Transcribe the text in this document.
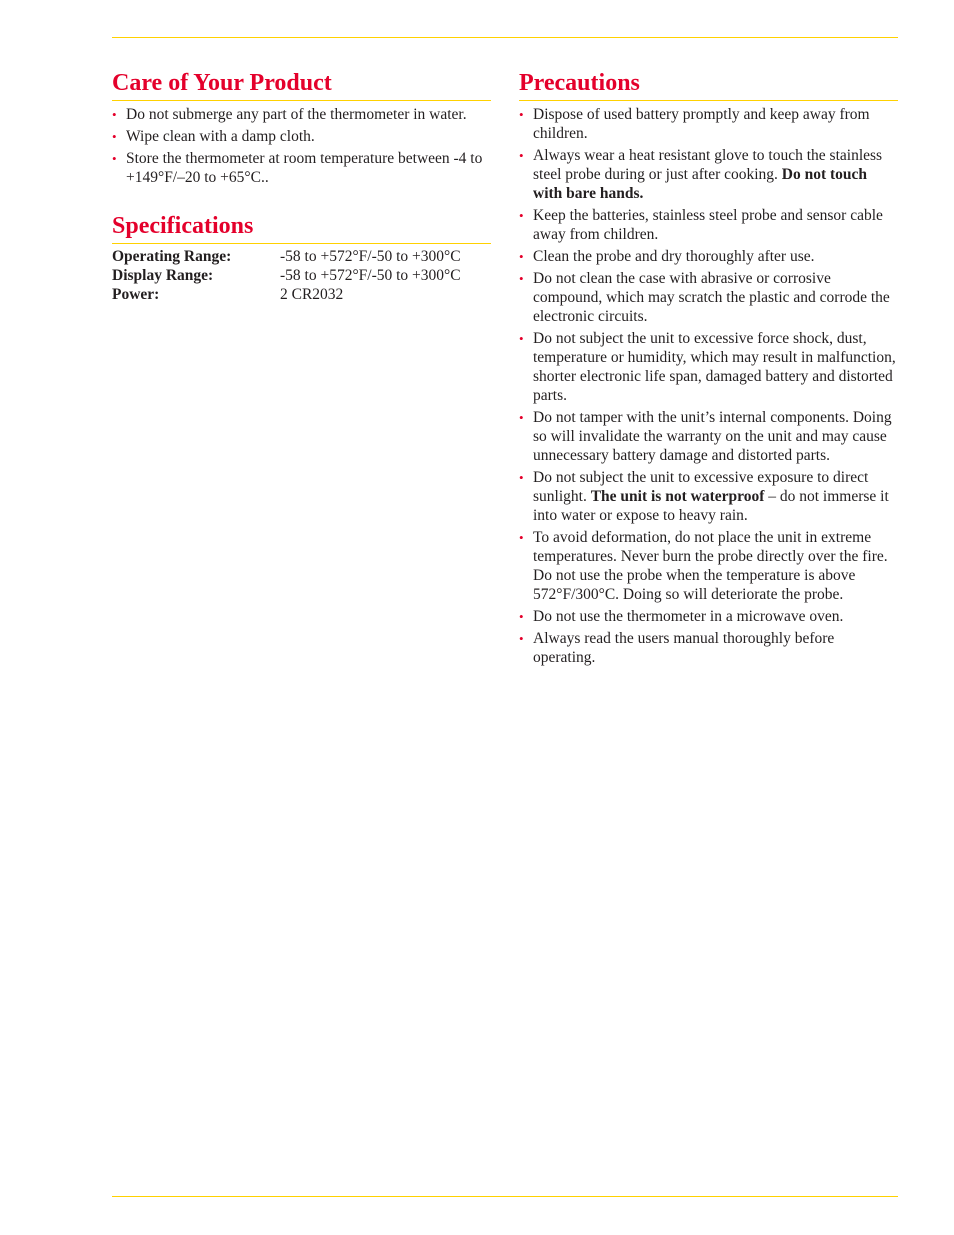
Care of Your Product
• Do not submerge any part of the thermometer in water.
• Wipe clean with a damp cloth.
• Store the thermometer at room temperature between -4 to +149°F/–20 to +65°C..
Specifications
Operating Range:	-58 to +572°F/-50 to +300°C
Display Range:	-58 to +572°F/-50 to +300°C
Power:	2 CR2032
Precautions
• Dispose of used battery promptly and keep away from children.
• Always wear a heat resistant glove to touch the stainless steel probe during or just after cooking. Do not touch with bare hands.
• Keep the batteries, stainless steel probe and sensor cable away from children.
• Clean the probe and dry thoroughly after use.
• Do not clean the case with abrasive or corrosive compound, which may scratch the plastic and corrode the electronic circuits.
• Do not subject the unit to excessive force shock, dust, temperature or humidity, which may result in malfunction, shorter electronic life span, damaged battery and distorted parts.
• Do not tamper with the unit’s internal components. Doing so will invalidate the warranty on the unit and may cause unnecessary battery damage and distorted parts.
• Do not subject the unit to excessive exposure to direct sunlight. The unit is not waterproof – do not immerse it into water or expose to heavy rain.
• To avoid deformation, do not place the unit in extreme temperatures. Never burn the probe directly over the fire. Do not use the probe when the temperature is above 572°F/300°C. Doing so will deteriorate the probe.
• Do not use the thermometer in a microwave oven.
• Always read the users manual thoroughly before operating.
